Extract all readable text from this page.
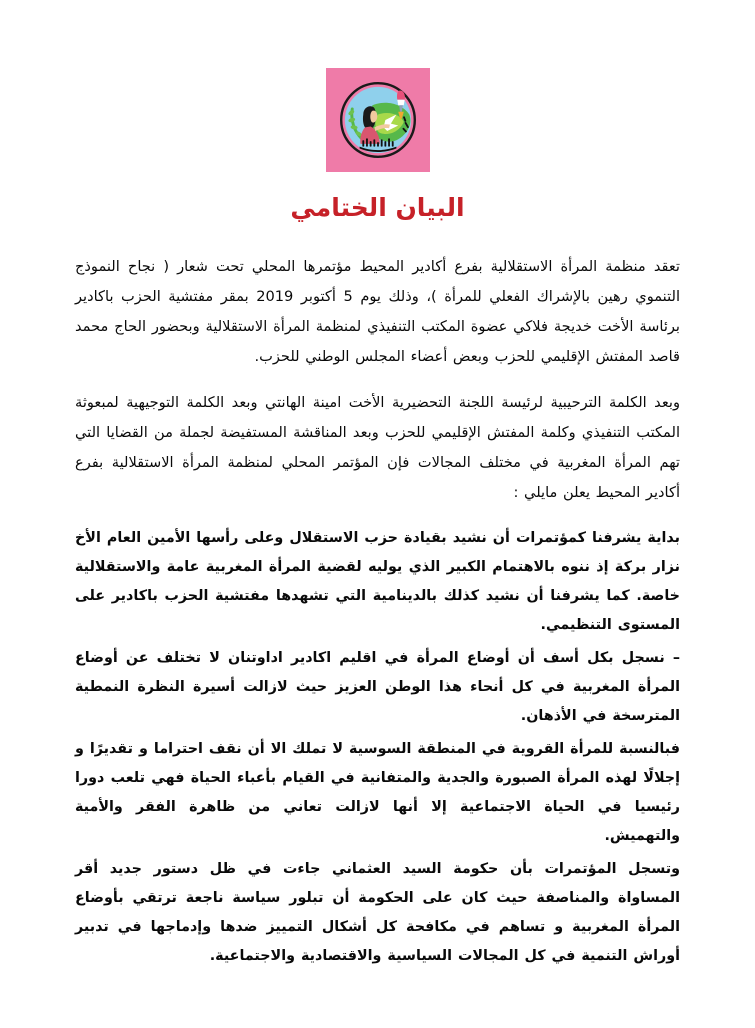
البيان الختامي

تعقد منظمة المرأة الاستقلالية بفرع أكادير المحيط مؤتمرها المحلي تحت شعار ( نجاح النموذج التنموي رهين بالإشراك الفعلي للمرأة )، وذلك يوم 5 أكتوبر 2019 بمقر مفتشية الحزب باكادير برئاسة الأخت خديجة فلاكي عضوة المكتب التنفيذي لمنظمة المرأة الاستقلالية وبحضور الحاج محمد قاصد المفتش الإقليمي للحزب وبعض أعضاء المجلس الوطني للحزب.

وبعد الكلمة الترحيبية لرئيسة اللجنة التحضيرية الأخت امينة الهانتي وبعد الكلمة التوجيهية لمبعوثة المكتب التنفيذي وكلمة المفتش الإقليمي للحزب وبعد المناقشة المستفيضة لجملة من القضايا التي تهم المرأة المغربية في مختلف المجالات فإن المؤتمر المحلي لمنظمة المرأة الاستقلالية بفرع أكادير المحيط يعلن مايلي :

بداية يشرفنا كمؤتمرات أن نشيد بقيادة حزب الاستقلال وعلى رأسها الأمين العام الأخ نزار بركة إذ ننوه بالاهتمام الكبير الذي يوليه لقضية المرأة المغربية عامة والاستقلالية خاصة. كما يشرفنا أن نشيد كذلك بالدينامية التي تشهدها مفتشية الحزب باكادير على المستوى التنظيمي.

– نسجل بكل أسف أن أوضاع المرأة في اقليم اكادير اداوتنان لا تختلف عن أوضاع المرأة المغربية في كل أنحاء هذا الوطن العزيز حيث لازالت أسيرة النظرة النمطية المترسخة في الأذهان.

فبالنسبة للمرأة القروية في المنطقة السوسية لا تملك الا أن نقف احتراما و تقديرًا و إجلالًا لهذه المرأة الصبورة والجدية والمتفانية في القيام بأعباء الحياة فهي تلعب دورا رئيسيا في الحياة الاجتماعية إلا أنها لازالت تعاني من ظاهرة الفقر والأمية والتهميش.

وتسجل المؤتمرات بأن حكومة السيد العثماني جاءت في ظل دستور جديد أقر المساواة والمناصفة حيث كان على الحكومة أن تبلور سياسة ناجعة ترتقي بأوضاع المرأة المغربية و تساهم في مكافحة كل أشكال التمييز ضدها وإدماجها في تدبير أوراش التنمية في كل المجالات السياسية والاقتصادية والاجتماعية.
